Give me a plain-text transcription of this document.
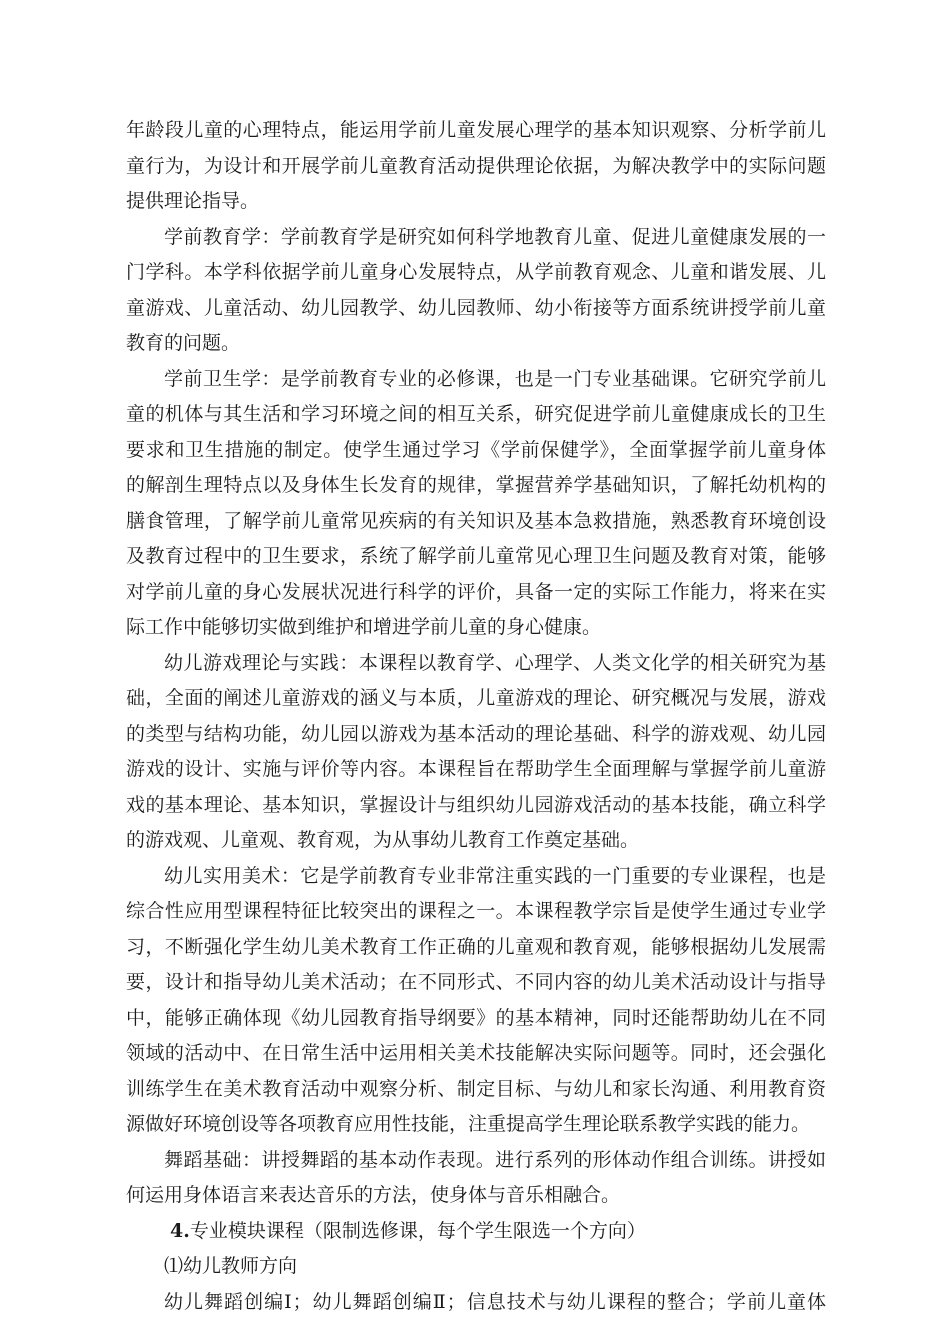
年龄段儿童的心理特点，能运用学前儿童发展心理学的基本知识观察、分析学前儿
童行为，为设计和开展学前儿童教育活动提供理论依据，为解决教学中的实际问题
提供理论指导。
学前教育学：学前教育学是研究如何科学地教育儿童、促进儿童健康发展的一
门学科。本学科依据学前儿童身心发展特点，从学前教育观念、儿童和谐发展、儿
童游戏、儿童活动、幼儿园教学、幼儿园教师、幼小衔接等方面系统讲授学前儿童
教育的问题。
学前卫生学：是学前教育专业的必修课，也是一门专业基础课。它研究学前儿
童的机体与其生活和学习环境之间的相互关系，研究促进学前儿童健康成长的卫生
要求和卫生措施的制定。使学生通过学习《学前保健学》，全面掌握学前儿童身体
的解剖生理特点以及身体生长发育的规律，掌握营养学基础知识，了解托幼机构的
膳食管理，了解学前儿童常见疾病的有关知识及基本急救措施，熟悉教育环境创设
及教育过程中的卫生要求，系统了解学前儿童常见心理卫生问题及教育对策，能够
对学前儿童的身心发展状况进行科学的评价，具备一定的实际工作能力，将来在实
际工作中能够切实做到维护和增进学前儿童的身心健康。
幼儿游戏理论与实践：本课程以教育学、心理学、人类文化学的相关研究为基
础，全面的阐述儿童游戏的涵义与本质，儿童游戏的理论、研究概况与发展，游戏
的类型与结构功能，幼儿园以游戏为基本活动的理论基础、科学的游戏观、幼儿园
游戏的设计、实施与评价等内容。本课程旨在帮助学生全面理解与掌握学前儿童游
戏的基本理论、基本知识，掌握设计与组织幼儿园游戏活动的基本技能，确立科学
的游戏观、儿童观、教育观，为从事幼儿教育工作奠定基础。
幼儿实用美术：它是学前教育专业非常注重实践的一门重要的专业课程，也是
综合性应用型课程特征比较突出的课程之一。本课程教学宗旨是使学生通过专业学
习，不断强化学生幼儿美术教育工作正确的儿童观和教育观，能够根据幼儿发展需
要，设计和指导幼儿美术活动；在不同形式、不同内容的幼儿美术活动设计与指导
中，能够正确体现《幼儿园教育指导纲要》的基本精神，同时还能帮助幼儿在不同
领域的活动中、在日常生活中运用相关美术技能解决实际问题等。同时，还会强化
训练学生在美术教育活动中观察分析、制定目标、与幼儿和家长沟通、利用教育资
源做好环境创设等各项教育应用性技能，注重提高学生理论联系教学实践的能力。
舞蹈基础：讲授舞蹈的基本动作表现。进行系列的形体动作组合训练。讲授如
何运用身体语言来表达音乐的方法，使身体与音乐相融合。
4.专业模块课程（限制选修课，每个学生限选一个方向）
⑴幼儿教师方向
幼儿舞蹈创编Ⅰ；幼儿舞蹈创编Ⅱ；信息技术与幼儿课程的整合；学前儿童体
